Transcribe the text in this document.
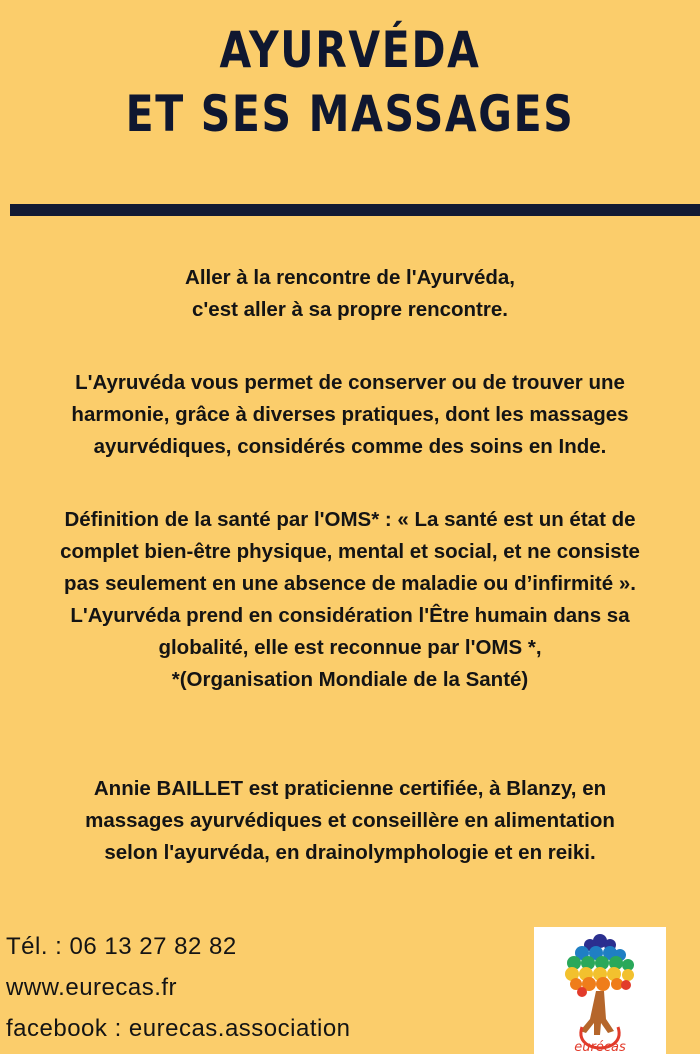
AYURVÉDA
ET SES MASSAGES
Aller à la rencontre de l'Ayurvéda,
c'est aller à sa propre rencontre.
L'Ayruvéda vous permet de conserver ou de trouver une
harmonie, grâce à diverses pratiques, dont les massages
ayurvédiques, considérés comme des soins en Inde.
Définition de la santé par l'OMS* : « La santé est un état de
complet bien-être physique, mental et social, et ne consiste
pas seulement en une absence de maladie ou d’infirmité ».
L'Ayurvéda prend en considération l'Être humain dans sa
globalité, elle est reconnue par l'OMS *,
*(Organisation Mondiale de la Santé)
Annie BAILLET est praticienne certifiée, à Blanzy, en
massages ayurvédiques et conseillère en alimentation
selon l'ayurvéda, en drainolymphologie et en reiki.
Tél. : 06 13 27 82 82
www.eurecas.fr
facebook : eurecas.association
eurécas
